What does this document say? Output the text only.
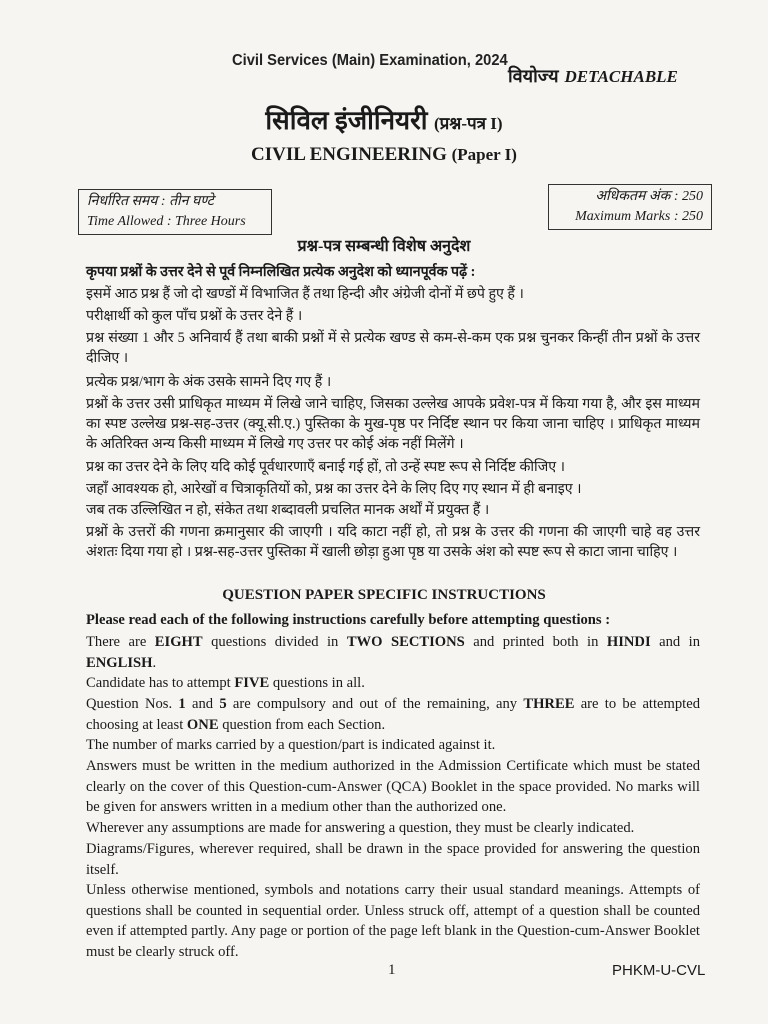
Civil Services (Main) Examination, 2024
वियोज्य DETACHABLE
सिविल इंजीनियरी (प्रश्न-पत्र I)
CIVIL ENGINEERING (Paper I)
निर्धारित समय : तीन घण्टे
Time Allowed : Three Hours
अधिकतम अंक : 250
Maximum Marks : 250
प्रश्न-पत्र सम्बन्धी विशेष अनुदेश
कृपया प्रश्नों के उत्तर देने से पूर्व निम्नलिखित प्रत्येक अनुदेश को ध्यानपूर्वक पढ़ें :
इसमें आठ प्रश्न हैं जो दो खण्डों में विभाजित हैं तथा हिन्दी और अंग्रेजी दोनों में छपे हुए हैं ।
परीक्षार्थी को कुल पाँच प्रश्नों के उत्तर देने हैं ।
प्रश्न संख्या 1 और 5 अनिवार्य हैं तथा बाकी प्रश्नों में से प्रत्येक खण्ड से कम-से-कम एक प्रश्न चुनकर किन्हीं तीन प्रश्नों के उत्तर दीजिए ।
प्रत्येक प्रश्न/भाग के अंक उसके सामने दिए गए हैं ।
प्रश्नों के उत्तर उसी प्राधिकृत माध्यम में लिखे जाने चाहिए, जिसका उल्लेख आपके प्रवेश-पत्र में किया गया है, और इस माध्यम का स्पष्ट उल्लेख प्रश्न-सह-उत्तर (क्यू.सी.ए.) पुस्तिका के मुख-पृष्ठ पर निर्दिष्ट स्थान पर किया जाना चाहिए । प्राधिकृत माध्यम के अतिरिक्त अन्य किसी माध्यम में लिखे गए उत्तर पर कोई अंक नहीं मिलेंगे ।
प्रश्न का उत्तर देने के लिए यदि कोई पूर्वधारणाएँ बनाई गई हों, तो उन्हें स्पष्ट रूप से निर्दिष्ट कीजिए ।
जहाँ आवश्यक हो, आरेखों व चित्राकृतियों को, प्रश्न का उत्तर देने के लिए दिए गए स्थान में ही बनाइए ।
जब तक उल्लिखित न हो, संकेत तथा शब्दावली प्रचलित मानक अर्थों में प्रयुक्त हैं ।
प्रश्नों के उत्तरों की गणना क्रमानुसार की जाएगी । यदि काटा नहीं हो, तो प्रश्न के उत्तर की गणना की जाएगी चाहे वह उत्तर अंशतः दिया गया हो । प्रश्न-सह-उत्तर पुस्तिका में खाली छोड़ा हुआ पृष्ठ या उसके अंश को स्पष्ट रूप से काटा जाना चाहिए ।
QUESTION PAPER SPECIFIC INSTRUCTIONS
Please read each of the following instructions carefully before attempting questions :
There are EIGHT questions divided in TWO SECTIONS and printed both in HINDI and in ENGLISH.
Candidate has to attempt FIVE questions in all.
Question Nos. 1 and 5 are compulsory and out of the remaining, any THREE are to be attempted choosing at least ONE question from each Section.
The number of marks carried by a question/part is indicated against it.
Answers must be written in the medium authorized in the Admission Certificate which must be stated clearly on the cover of this Question-cum-Answer (QCA) Booklet in the space provided. No marks will be given for answers written in a medium other than the authorized one.
Wherever any assumptions are made for answering a question, they must be clearly indicated.
Diagrams/Figures, wherever required, shall be drawn in the space provided for answering the question itself.
Unless otherwise mentioned, symbols and notations carry their usual standard meanings. Attempts of questions shall be counted in sequential order. Unless struck off, attempt of a question shall be counted even if attempted partly. Any page or portion of the page left blank in the Question-cum-Answer Booklet must be clearly struck off.
1	PHKM-U-CVL
